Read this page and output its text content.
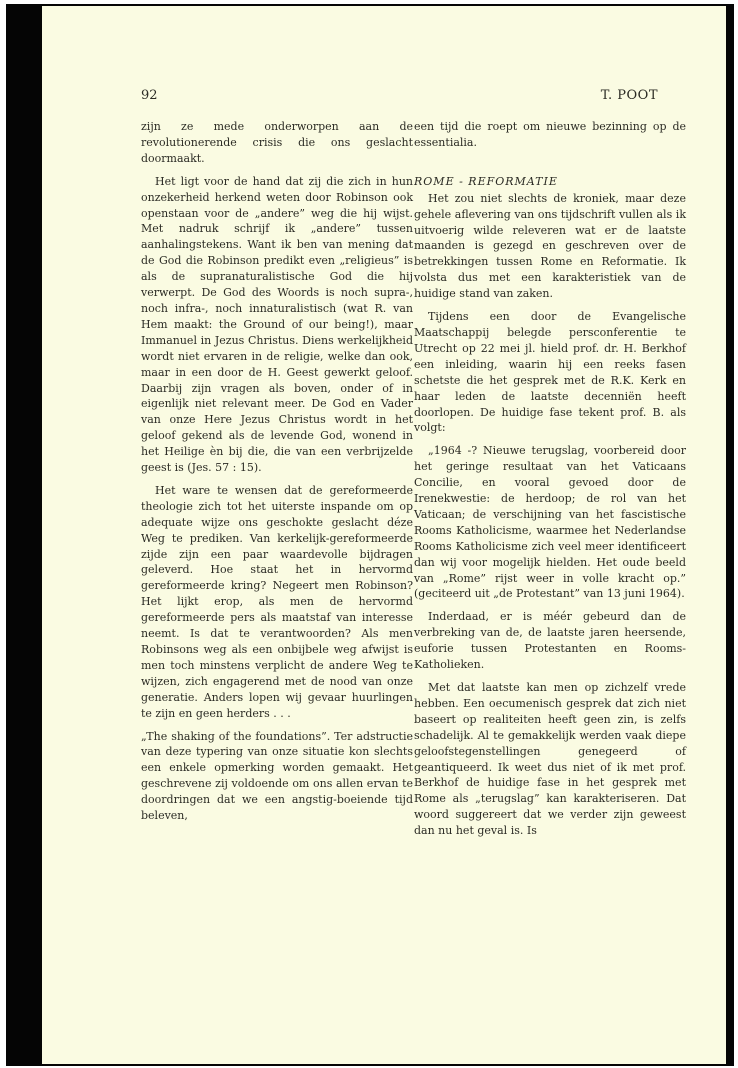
92	T. POOT

zijn ze mede onderworpen aan de revolutionerende crisis die ons geslacht doormaakt.

Het ligt voor de hand dat zij die zich in hun onzekerheid herkend weten door Robinson ook openstaan voor de „andere” weg die hij wijst. Met nadruk schrijf ik „andere” tussen aanhalingstekens. Want ik ben van mening dat de God die Robinson predikt even „religieus” is als de supranaturalistische God die hij verwerpt. De God des Woords is noch supra-, noch infra-, noch innaturalistisch (wat R. van Hem maakt: the Ground of our being!), maar Immanuel in Jezus Christus. Diens werkelijkheid wordt niet ervaren in de religie, welke dan ook, maar in een door de H. Geest gewerkt geloof. Daarbij zijn vragen als boven, onder of in eigenlijk niet relevant meer. De God en Vader van onze Here Jezus Christus wordt in het geloof gekend als de levende God, wonend in het Heilige èn bij die, die van een verbrijzelde geest is (Jes. 57 : 15).

Het ware te wensen dat de gereformeerde theologie zich tot het uiterste inspande om op adequate wijze ons geschokte geslacht déze Weg te prediken. Van kerkelijk-gereformeerde zijde zijn een paar waardevolle bijdragen geleverd. Hoe staat het in hervormd gereformeerde kring? Negeert men Robinson? Het lijkt erop, als men de hervormd gereformeerde pers als maatstaf van interesse neemt. Is dat te verantwoorden? Als men Robinsons weg als een onbijbele weg afwijst is men toch minstens verplicht de andere Weg te wijzen, zich engagerend met de nood van onze generatie. Anders lopen wij gevaar huurlingen te zijn en geen herders . . .

„The shaking of the foundations”. Ter adstructie van deze typering van onze situatie kon slechts een enkele opmerking worden gemaakt. Het geschrevene zij voldoende om ons allen ervan te doordringen dat we een angstig-boeiende tijd beleven,

een tijd die roept om nieuwe bezinning op de essentialia.

ROME - REFORMATIE

Het zou niet slechts de kroniek, maar deze gehele aflevering van ons tijdschrift vullen als ik uitvoerig wilde releveren wat er de laatste maanden is gezegd en geschreven over de betrekkingen tussen Rome en Reformatie. Ik volsta dus met een karakteristiek van de huidige stand van zaken.

Tijdens een door de Evangelische Maatschappij belegde persconferentie te Utrecht op 22 mei jl. hield prof. dr. H. Berkhof een inleiding, waarin hij een reeks fasen schetste die het gesprek met de R.K. Kerk en haar leden de laatste decenniën heeft doorlopen. De huidige fase tekent prof. B. als volgt:

„1964 -? Nieuwe terugslag, voorbereid door het geringe resultaat van het Vaticaans Concilie, en vooral gevoed door de Irenekwestie: de herdoop; de rol van het Vaticaan; de verschijning van het fascistische Rooms Katholicisme, waarmee het Nederlandse Rooms Katholicisme zich veel meer identificeert dan wij voor mogelijk hielden. Het oude beeld van „Rome” rijst weer in volle kracht op.” (geciteerd uit „de Protestant” van 13 juni 1964).

Inderdaad, er is méér gebeurd dan de verbreking van de, de laatste jaren heersende, euforie tussen Protestanten en Rooms-Katholieken.

Met dat laatste kan men op zichzelf vrede hebben. Een oecumenisch gesprek dat zich niet baseert op realiteiten heeft geen zin, is zelfs schadelijk. Al te gemakkelijk werden vaak diepe geloofstegenstellingen genegeerd of geantiqueerd. Ik weet dus niet of ik met prof. Berkhof de huidige fase in het gesprek met Rome als „terugslag” kan karakteriseren. Dat woord suggereert dat we verder zijn geweest dan nu het geval is. Is
